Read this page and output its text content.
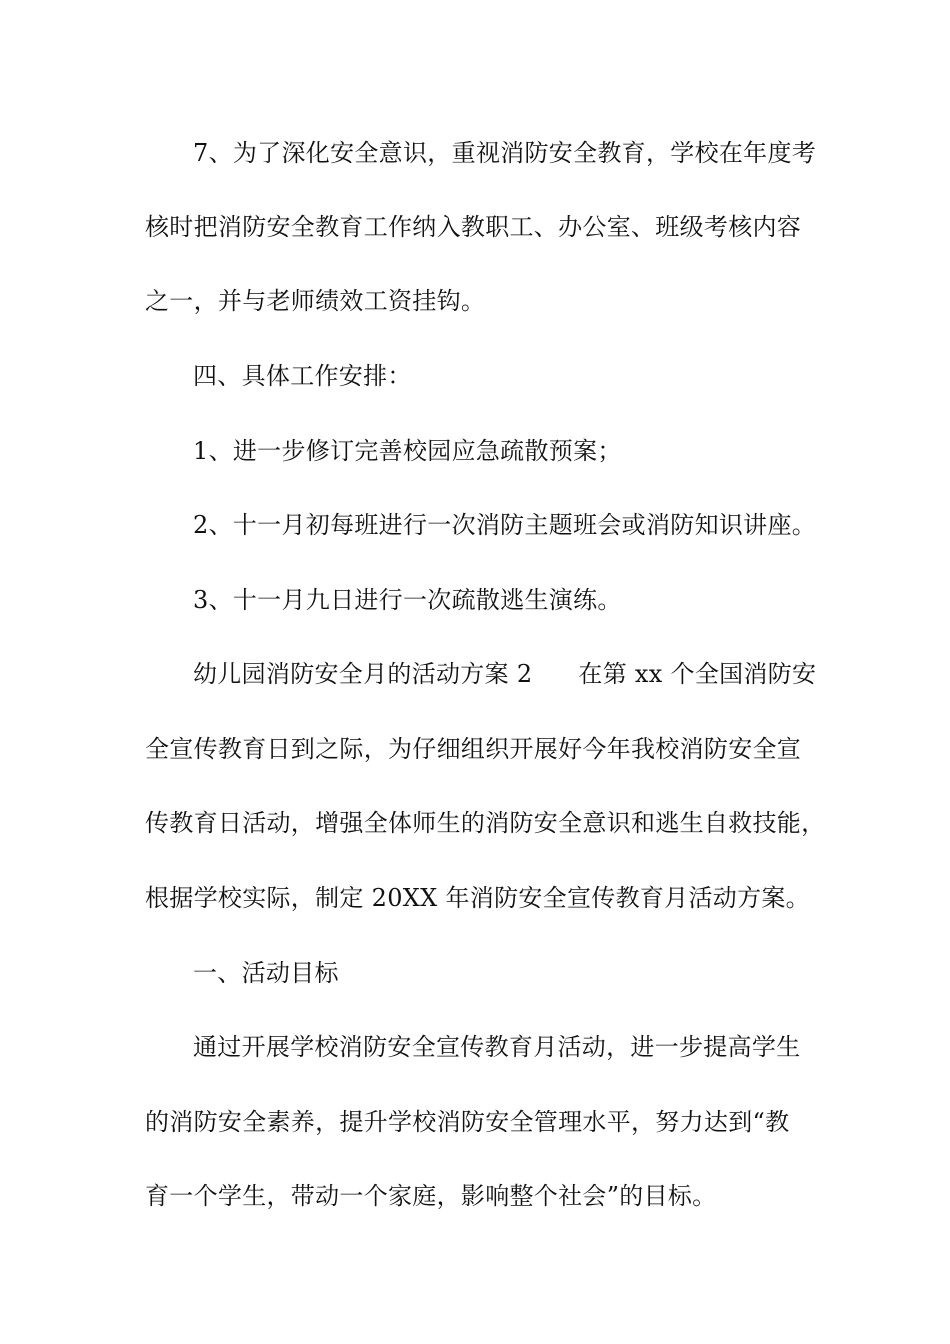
7、为了深化安全意识，重视消防安全教育，学校在年度考
核时把消防安全教育工作纳入教职工、办公室、班级考核内容
之一，并与老师绩效工资挂钩。
四、具体工作安排：
1、进一步修订完善校园应急疏散预案；
2、十一月初每班进行一次消防主题班会或消防知识讲座。
3、十一月九日进行一次疏散逃生演练。
幼儿园消防安全月的活动方案 2 在第 xx 个全国消防安
全宣传教育日到之际，为仔细组织开展好今年我校消防安全宣
传教育日活动，增强全体师生的消防安全意识和逃生自救技能，
根据学校实际，制定 20XX 年消防安全宣传教育月活动方案。
一、活动目标
通过开展学校消防安全宣传教育月活动，进一步提高学生
的消防安全素养，提升学校消防安全管理水平，努力达到“教
育一个学生，带动一个家庭，影响整个社会”的目标。
